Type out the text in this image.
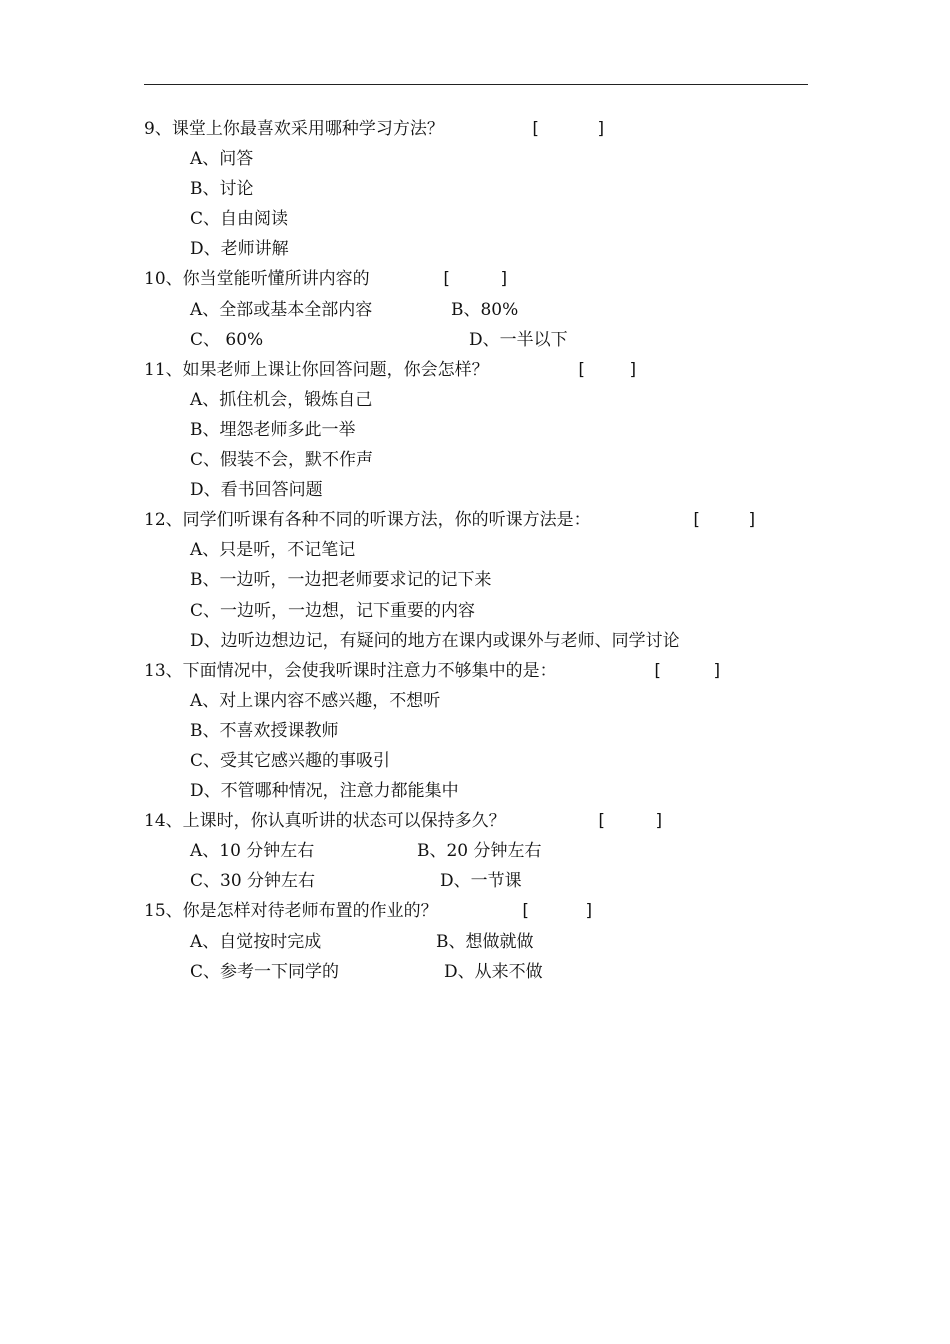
9、课堂上你最喜欢采用哪种学习方法？	[	]
A、问答
B、讨论
C、自由阅读
D、老师讲解
10、你当堂能听懂所讲内容的	[	]
A、全部或基本全部内容	B、80%
C、 60%	D、一半以下
11、如果老师上课让你回答问题，你会怎样？	[ ]
A、抓住机会，锻炼自己
B、埋怨老师多此一举
C、假装不会，默不作声
D、看书回答问题
12、同学们听课有各种不同的听课方法，你的听课方法是：	[	]
A、只是听，不记笔记
B、一边听，一边把老师要求记的记下来
C、一边听，一边想，记下重要的内容
D、边听边想边记，有疑问的地方在课内或课外与老师、同学讨论
13、下面情况中，会使我听课时注意力不够集中的是：	[	]
A、对上课内容不感兴趣，不想听
B、不喜欢授课教师
C、受其它感兴趣的事吸引
D、不管哪种情况，注意力都能集中
14、上课时，你认真听讲的状态可以保持多久？	[	]
A、10 分钟左右	B、20 分钟左右
C、30 分钟左右	D、一节课
15、你是怎样对待老师布置的作业的？	[	]
A、自觉按时完成	B、想做就做
C、参考一下同学的	D、从来不做
